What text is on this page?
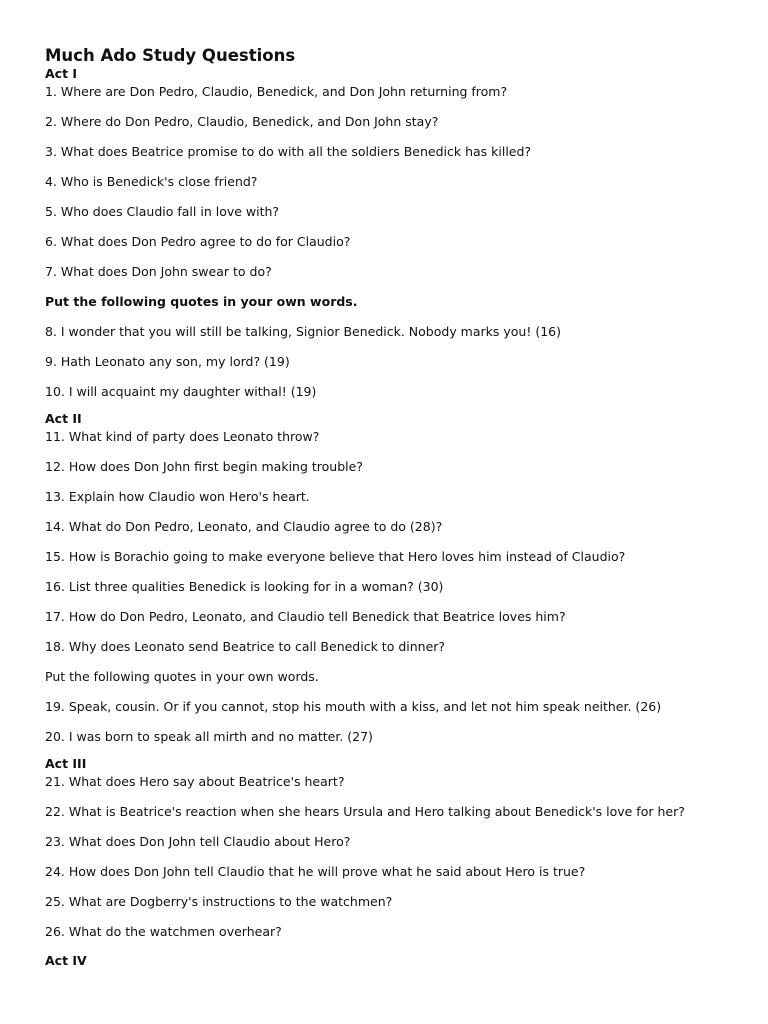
Much Ado Study Questions
Act I
1. Where are Don Pedro, Claudio, Benedick, and Don John returning from?
2. Where do Don Pedro, Claudio, Benedick, and Don John stay?
3. What does Beatrice promise to do with all the soldiers Benedick has killed?
4. Who is Benedick's close friend?
5. Who does Claudio fall in love with?
6. What does Don Pedro agree to do for Claudio?
7. What does Don John swear to do?
Put the following quotes in your own words.
8. I wonder that you will still be talking, Signior Benedick. Nobody marks you! (16)
9. Hath Leonato any son, my lord? (19)
10. I will acquaint my daughter withal! (19)
Act II
11. What kind of party does Leonato throw?
12. How does Don John first begin making trouble?
13. Explain how Claudio won Hero's heart.
14. What do Don Pedro, Leonato, and Claudio agree to do (28)?
15. How is Borachio going to make everyone believe that Hero loves him instead of Claudio?
16. List three qualities Benedick is looking for in a woman? (30)
17. How do Don Pedro, Leonato, and Claudio tell Benedick that Beatrice loves him?
18. Why does Leonato send Beatrice to call Benedick to dinner?
Put the following quotes in your own words.
19. Speak, cousin. Or if you cannot, stop his mouth with a kiss, and let not him speak neither. (26)
20. I was born to speak all mirth and no matter. (27)
Act III
21. What does Hero say about Beatrice's heart?
22. What is Beatrice's reaction when she hears Ursula and Hero talking about Benedick's love for her?
23. What does Don John tell Claudio about Hero?
24. How does Don John tell Claudio that he will prove what he said about Hero is true?
25. What are Dogberry's instructions to the watchmen?
26. What do the watchmen overhear?
Act IV
